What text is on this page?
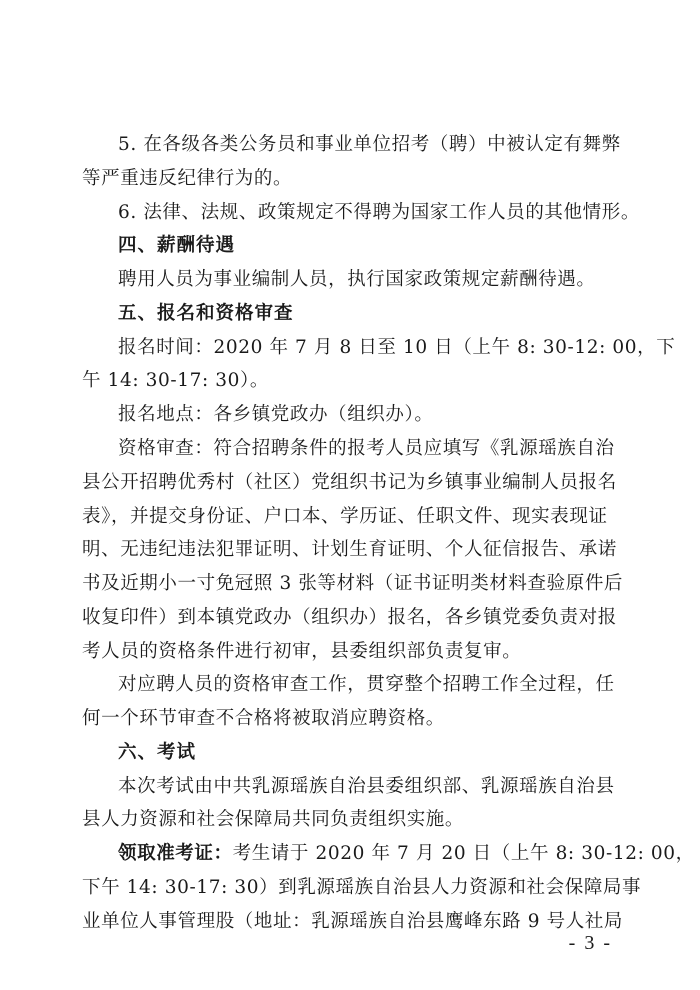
5. 在各级各类公务员和事业单位招考（聘）中被认定有舞弊
等严重违反纪律行为的。
6. 法律、法规、政策规定不得聘为国家工作人员的其他情形。
四、薪酬待遇
聘用人员为事业编制人员，执行国家政策规定薪酬待遇。
五、报名和资格审查
报名时间：2020 年 7 月 8 日至 10 日（上午 8: 30-12: 00，下
午 14: 30-17: 30）。
报名地点：各乡镇党政办（组织办）。
资格审查：符合招聘条件的报考人员应填写《乳源瑶族自治
县公开招聘优秀村（社区）党组织书记为乡镇事业编制人员报名
表》，并提交身份证、户口本、学历证、任职文件、现实表现证
明、无违纪违法犯罪证明、计划生育证明、个人征信报告、承诺
书及近期小一寸免冠照 3 张等材料（证书证明类材料查验原件后
收复印件）到本镇党政办（组织办）报名，各乡镇党委负责对报
考人员的资格条件进行初审，县委组织部负责复审。
对应聘人员的资格审查工作，贯穿整个招聘工作全过程，任
何一个环节审查不合格将被取消应聘资格。
六、考试
本次考试由中共乳源瑶族自治县委组织部、乳源瑶族自治县
县人力资源和社会保障局共同负责组织实施。
领取准考证：考生请于 2020 年 7 月 20 日（上午 8: 30-12: 00，
下午 14: 30-17: 30）到乳源瑶族自治县人力资源和社会保障局事
业单位人事管理股（地址：乳源瑶族自治县鹰峰东路 9 号人社局
- 3 -
